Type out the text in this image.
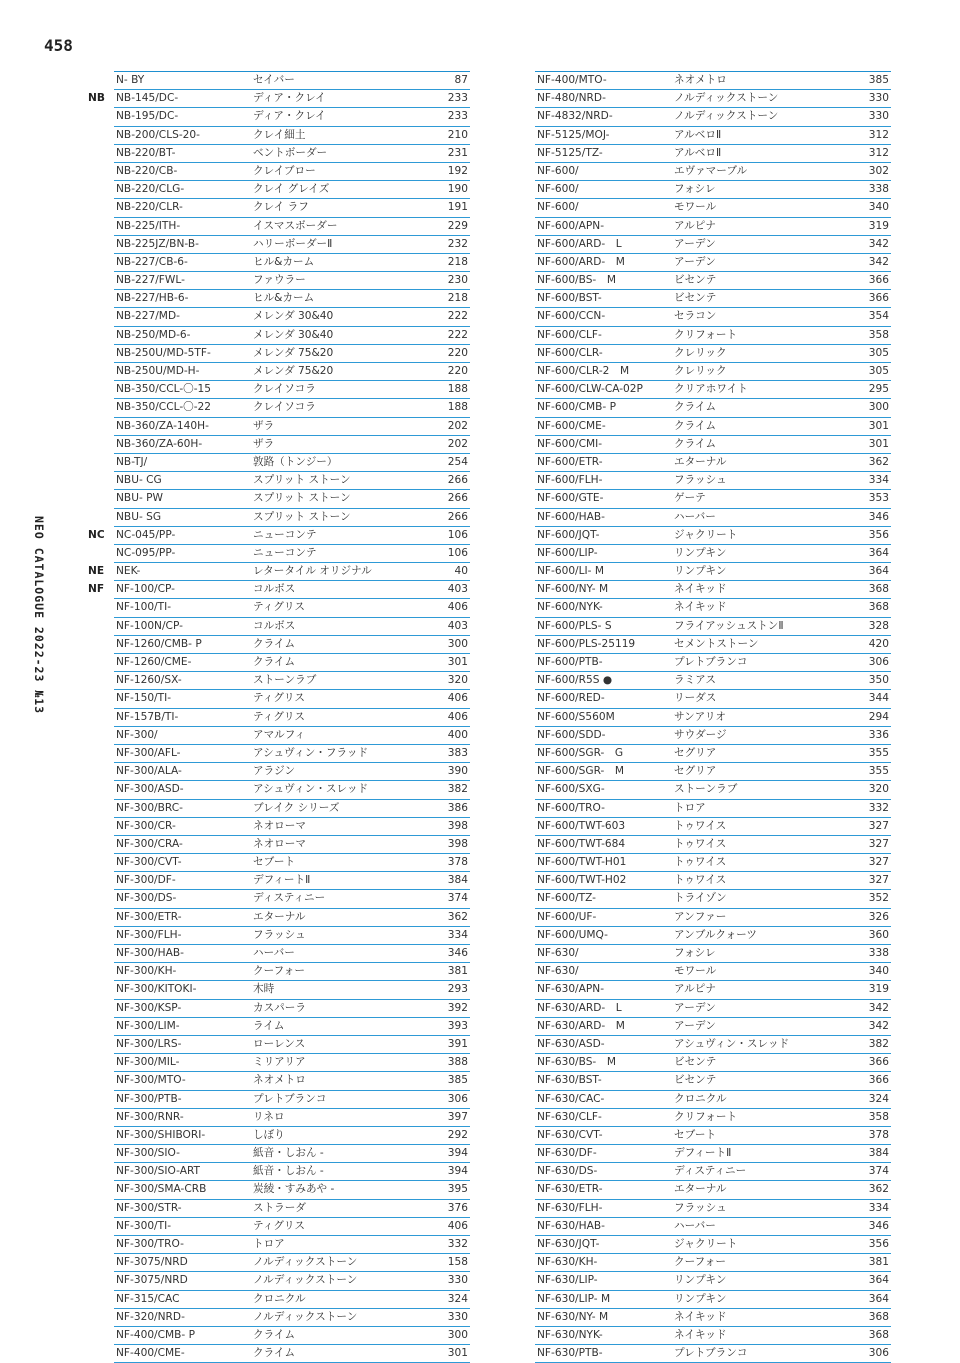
458
NEO CATALOGUE 2022-23 №13
N- BY	セイバー	87
NB NB-145/DC-	ディア・クレイ	233
NB-195/DC-	ディア・クレイ	233
NB-200/CLS-20-	クレイ細土	210
NB-220/BT-	ベントボーダー	231
NB-220/CB-	クレイブロー	192
NB-220/CLG-	クレイ グレイズ	190
NB-220/CLR-	クレイ ラフ	191
NB-225/ITH-	イスマスボーダー	229
NB-225JZ/BN-B-	ハリーボーダーⅡ	232
NB-227/CB-6-	ヒル&カーム	218
NB-227/FWL-	ファウラー	230
NB-227/HB-6-	ヒル&カーム	218
NB-227/MD-	メレンダ 30&40	222
NB-250/MD-6-	メレンダ 30&40	222
NB-250U/MD-5TF-	メレンダ 75&20	220
NB-250U/MD-H-	メレンダ 75&20	220
NB-350/CCL-〇-15	クレイソコラ	188
NB-350/CCL-〇-22	クレイソコラ	188
NB-360/ZA-140H-	ザラ	202
NB-360/ZA-60H-	ザラ	202
NB-TJ/	敦路（トンジー）	254
NBU- CG	スプリット ストーン	266
NBU- PW	スプリット ストーン	266
NBU- SG	スプリット ストーン	266
NC NC-045/PP-	ニューコンテ	106
NC-095/PP-	ニューコンテ	106
NE NEK-	レタータイル オリジナル	40
NF NF-100/CP-	コルボス	403
NF-100/TI-	ティグリス	406
NF-100N/CP-	コルボス	403
NF-1260/CMB- P	クライム	300
NF-1260/CME-	クライム	301
NF-1260/SX-	ストーンラブ	320
NF-150/TI-	ティグリス	406
NF-157B/TI-	ティグリス	406
NF-300/	アマルフィ	400
NF-300/AFL-	アシュヴィン・フラッド	383
NF-300/ALA-	アラジン	390
NF-300/ASD-	アシュヴィン・スレッド	382
NF-300/BRC-	ブレイク シリーズ	386
NF-300/CR-	ネオローマ	398
NF-300/CRA-	ネオローマ	398
NF-300/CVT-	セブート	378
NF-300/DF-	デフィートⅡ	384
NF-300/DS-	ディスティニー	374
NF-300/ETR-	エターナル	362
NF-300/FLH-	フラッシュ	334
NF-300/HAB-	ハーバー	346
NF-300/KH-	クーフォー	381
NF-300/KITOKI-	木時	293
NF-300/KSP-	カスパーラ	392
NF-300/LIM-	ライム	393
NF-300/LRS-	ローレンス	391
NF-300/MIL-	ミリアリア	388
NF-300/MTO-	ネオメトロ	385
NF-300/PTB-	プレトブランコ	306
NF-300/RNR-	リネロ	397
NF-300/SHIBORI-	しぼり	292
NF-300/SIO-	紙音・しおん -	394
NF-300/SIO-ART	紙音・しおん -	394
NF-300/SMA-CRB	炭綾・すみあや -	395
NF-300/STR-	ストラーダ	376
NF-300/TI-	ティグリス	406
NF-300/TRO-	トロア	332
NF-3075/NRD	ノルディックストーン	158
NF-3075/NRD	ノルディックストーン	330
NF-315/CAC	クロニクル	324
NF-320/NRD-	ノルディックストーン	330
NF-400/CMB- P	クライム	300
NF-400/CME-	クライム	301
NF-400/MTO-	ネオメトロ	385
NF-480/NRD-	ノルディックストーン	330
NF-4832/NRD-	ノルディックストーン	330
NF-5125/MOJ-	アルベロⅡ	312
NF-5125/TZ-	アルベロⅡ	312
NF-600/	エヴァマーブル	302
NF-600/	フォシレ	338
NF-600/	モワール	340
NF-600/APN-	アルピナ	319
NF-600/ARD-　L	アーデン	342
NF-600/ARD-　M	アーデン	342
NF-600/BS-　M	ビセンテ	366
NF-600/BST-	ビセンテ	366
NF-600/CCN-	セラコン	354
NF-600/CLF-	クリフォート	358
NF-600/CLR-	クレリック	305
NF-600/CLR-2　M	クレリック	305
NF-600/CLW-CA-02P	クリアホワイト	295
NF-600/CMB- P	クライム	300
NF-600/CME-	クライム	301
NF-600/CMI-	クライム	301
NF-600/ETR-	エターナル	362
NF-600/FLH-	フラッシュ	334
NF-600/GTE-	ゲーテ	353
NF-600/HAB-	ハーバー	346
NF-600/JQT-	ジャクリート	356
NF-600/LIP-	リンプキン	364
NF-600/LI- M	リンプキン	364
NF-600/NY- M	ネイキッド	368
NF-600/NYK-	ネイキッド	368
NF-600/PLS- S	フライアッシュストンⅡ	328
NF-600/PLS-25119	セメントストーン	420
NF-600/PTB-	プレトブランコ	306
NF-600/R5S ●	ラミアス	350
NF-600/RED-	リーダス	344
NF-600/S560M	サンアリオ	294
NF-600/SDD-	サウダージ	336
NF-600/SGR-　G	セグリア	355
NF-600/SGR-　M	セグリア	355
NF-600/SXG-	ストーンラブ	320
NF-600/TRO-	トロア	332
NF-600/TWT-603	トゥワイス	327
NF-600/TWT-684	トゥワイス	327
NF-600/TWT-H01	トゥワイス	327
NF-600/TWT-H02	トゥワイス	327
NF-600/TZ-	トライゾン	352
NF-600/UF-	アンファー	326
NF-600/UMQ-	アンブルクォーツ	360
NF-630/	フォシレ	338
NF-630/	モワール	340
NF-630/APN-	アルピナ	319
NF-630/ARD-　L	アーデン	342
NF-630/ARD-　M	アーデン	342
NF-630/ASD-	アシュヴィン・スレッド	382
NF-630/BS-　M	ビセンテ	366
NF-630/BST-	ビセンテ	366
NF-630/CAC-	クロニクル	324
NF-630/CLF-	クリフォート	358
NF-630/CVT-	セブート	378
NF-630/DF-	デフィートⅡ	384
NF-630/DS-	ディスティニー	374
NF-630/ETR-	エターナル	362
NF-630/FLH-	フラッシュ	334
NF-630/HAB-	ハーバー	346
NF-630/JQT-	ジャクリート	356
NF-630/KH-	クーフォー	381
NF-630/LIP-	リンプキン	364
NF-630/LIP- M	リンプキン	364
NF-630/NY- M	ネイキッド	368
NF-630/NYK-	ネイキッド	368
NF-630/PTB-	プレトブランコ	306
